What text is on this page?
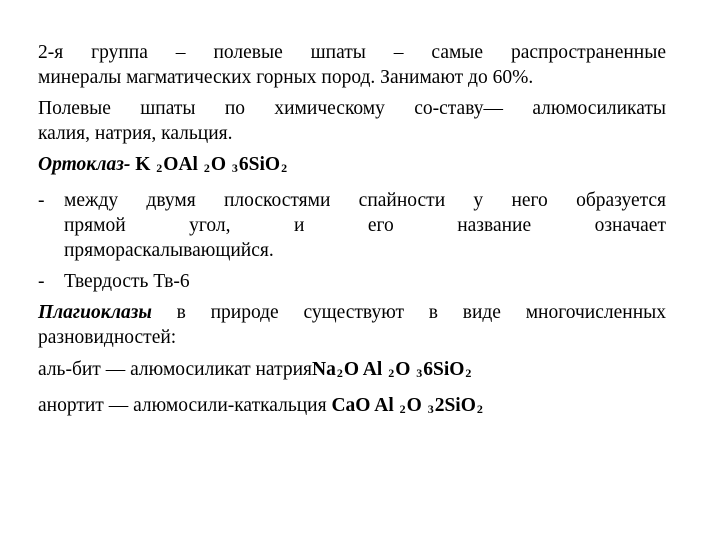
2-я группа – полевые шпаты – самые распространенные
минералы магматических горных пород. Занимают до 60%.
Полевые шпаты по химическому со-ставу— алюмосиликаты
калия, натрия, кальция.
Ортоклаз- K 2OAl 2O 36SiO2
-	между двумя плоскостями спайности у него образуется
прямой угол, и его название означает
пряморaскалывающийся.
-	Твердость Тв-6
Плагиоклазы в природе существуют в виде многочисленных
разновидностей:
аль-бит — алюмосиликат натрияNa2O Al 2O 36SiO2
анортит — алюмосили-каткальция CaO Al 2O 32SiO2
